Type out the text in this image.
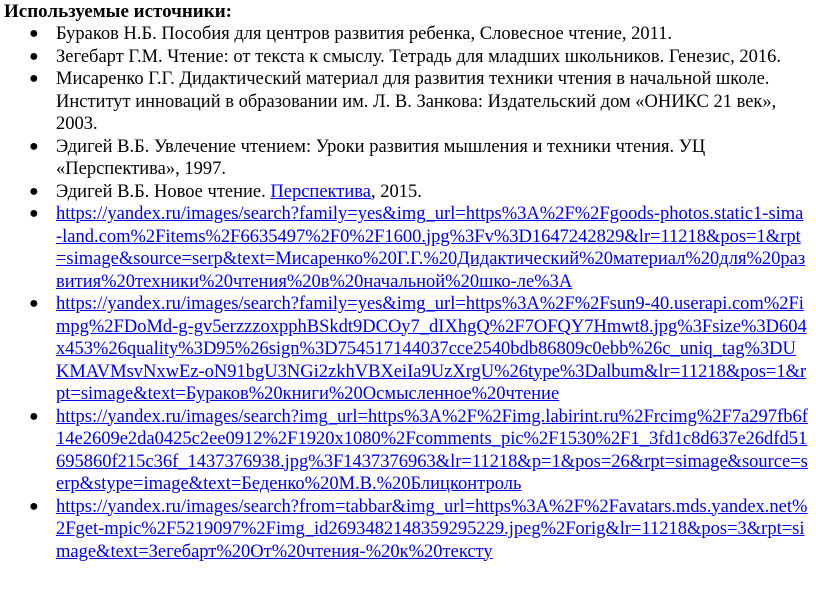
Используемые источники:

● Бураков Н.Б. Пособия для центров развития ребенка, Словесное чтение, 2011.
● Зегебарт Г.М. Чтение: от текста к смыслу. Тетрадь для младших школьников. Генезис, 2016.
● Мисаренко Г.Г. Дидактический материал для развития техники чтения в начальной школе. Институт инноваций в образовании им. Л. В. Занкова: Издательский дом «ОНИКС 21 век», 2003.
● Эдигей В.Б. Увлечение чтением: Уроки развития мышления и техники чтения. УЦ «Перспектива», 1997.
● Эдигей В.Б. Новое чтение. Перспектива, 2015.
● https://yandex.ru/images/search?family=yes&img_url=https%3A%2F%2Fgoods-photos.static1-sima-land.com%2Fitems%2F6635497%2F0%2F1600.jpg%3Fv%3D1647242829&lr=11218&pos=1&rpt=simage&source=serp&text=Мисаренко%20Г.Г.%20Дидактический%20материал%20для%20развития%20техники%20чтения%20в%20начальной%20шко-ле%3A
● https://yandex.ru/images/search?family=yes&img_url=https%3A%2F%2Fsun9-40.userapi.com%2Fimpg%2FDoMd-g-gv5erzzzoxpphBSkdt9DCOy7_dIXhgQ%2F7OFQY7Hmwt8.jpg%3Fsize%3D604x453%26quality%3D95%26sign%3D754517144037cce2540bdb86809c0ebb%26c_uniq_tag%3DUKMAVMsvNxwEz-oN91bgU3NGi2zkhVBXeiIa9UzXrgU%26type%3Dalbum&lr=11218&pos=1&rpt=simage&text=Бураков%20книги%20Осмысленное%20чтение
● https://yandex.ru/images/search?img_url=https%3A%2F%2Fimg.labirint.ru%2Frcimg%2F7a297fb6f14e2609e2da0425c2ee0912%2F1920x1080%2Fcomments_pic%2F1530%2F1_3fd1c8d637e26dfd51695860f215c36f_1437376938.jpg%3F1437376963&lr=11218&p=1&pos=26&rpt=simage&source=serp&stype=image&text=Беденко%20М.В.%20Блицконтроль
● https://yandex.ru/images/search?from=tabbar&img_url=https%3A%2F%2Favatars.mds.yandex.net%2Fget-mpic%2F5219097%2Fimg_id2693482148359295229.jpeg%2Forig&lr=11218&pos=3&rpt=simage&text=Зегебарт%20От%20чтения-%20к%20тексту
